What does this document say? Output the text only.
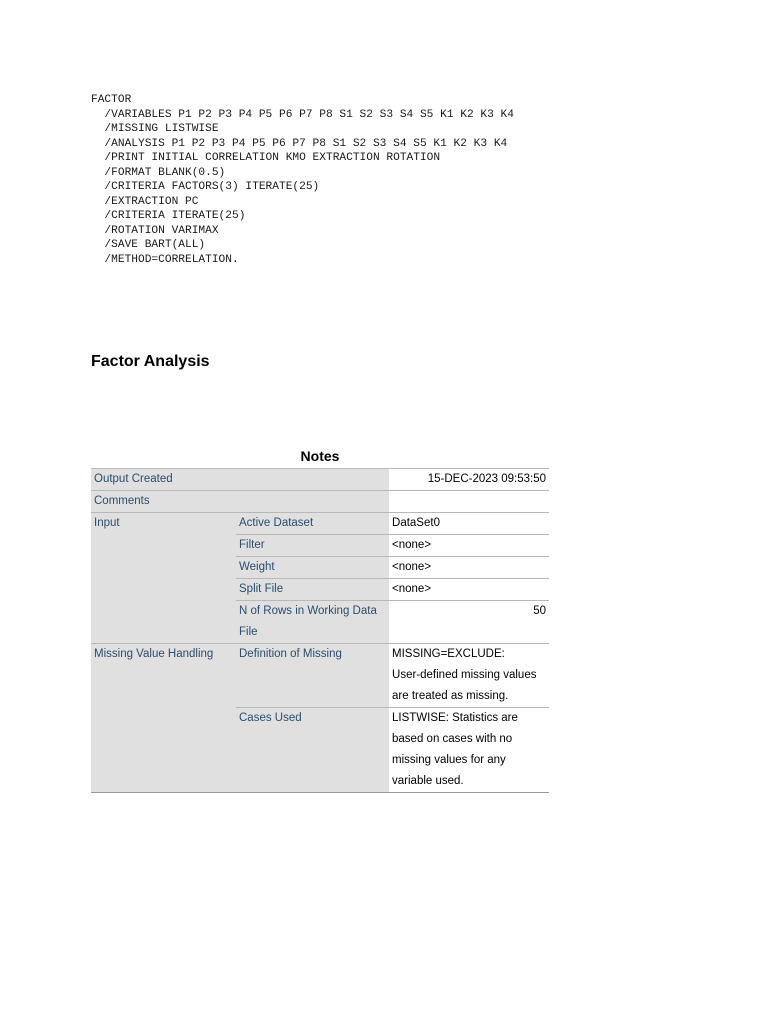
FACTOR
/VARIABLES P1 P2 P3 P4 P5 P6 P7 P8 S1 S2 S3 S4 S5 K1 K2 K3 K4
/MISSING LISTWISE
/ANALYSIS P1 P2 P3 P4 P5 P6 P7 P8 S1 S2 S3 S4 S5 K1 K2 K3 K4
/PRINT INITIAL CORRELATION KMO EXTRACTION ROTATION
/FORMAT BLANK(0.5)
/CRITERIA FACTORS(3) ITERATE(25)
/EXTRACTION PC
/CRITERIA ITERATE(25)
/ROTATION VARIMAX
/SAVE BART(ALL)
/METHOD=CORRELATION.
Factor Analysis
Notes
Output Created		15-DEC-2023 09:53:50
Comments		
Input	Active Dataset	DataSet0
	Filter	<none>
	Weight	<none>
	Split File	<none>
	N of Rows in Working Data
File	50
Missing Value Handling	Definition of Missing	MISSING=EXCLUDE:
User-defined missing values
are treated as missing.
	Cases Used	LISTWISE: Statistics are
based on cases with no
missing values for any
variable used.
